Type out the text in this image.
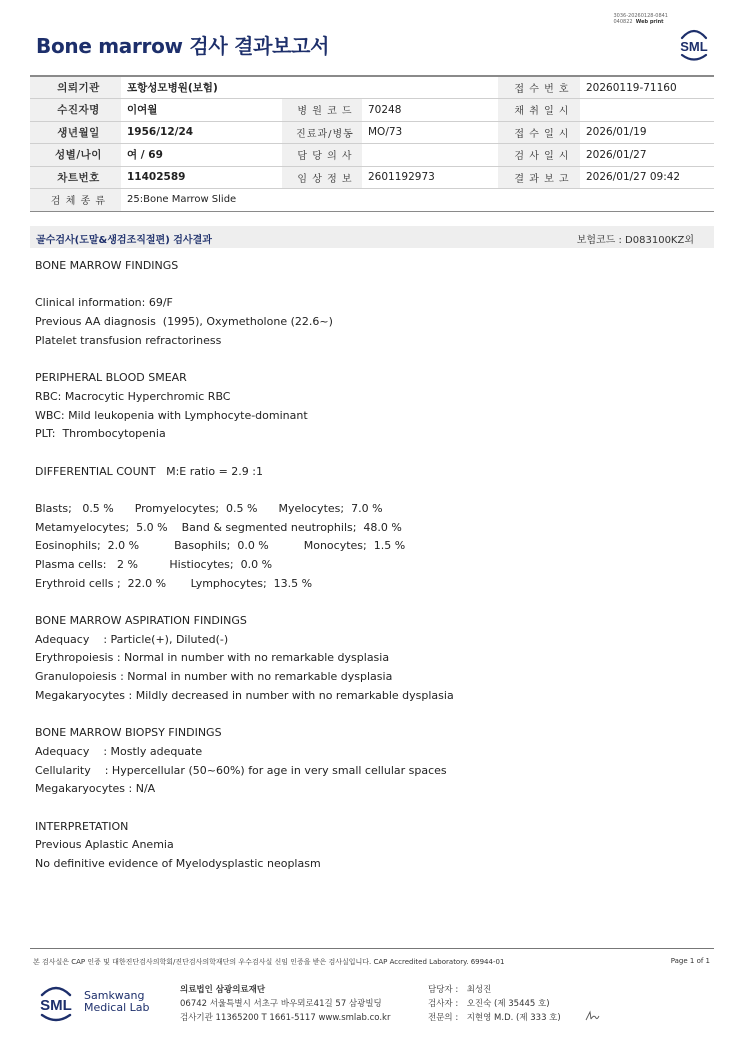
3036-20260128-0841
040822 Web print
Bone marrow 검사 결과보고서	SML
의뢰기관	포항성모병원(보험)			접 수 번 호	20260119-71160
수진자명	이여월	병 원 코 드	70248	채 취 일 시	
생년월일	1956/12/24	진료과/병동	MO/73	접 수 일 시	2026/01/19
성별/나이	여 / 69	담 당 의 사		검 사 일 시	2026/01/27
차트번호	11402589	임 상 정 보	2601192973	결 과 보 고	2026/01/27 09:42
검 체 종 류	25:Bone Marrow Slide				
골수검사(도말&생검조직절편) 검사결과	보험코드 : D083100KZ외
BONE MARROW FINDINGS
Clinical information: 69/F
Previous AA diagnosis  (1995), Oxymetholone (22.6~)
Platelet transfusion refractoriness
PERIPHERAL BLOOD SMEAR
RBC: Macrocytic Hyperchromic RBC
WBC: Mild leukopenia with Lymphocyte-dominant
PLT:  Thrombocytopenia
DIFFERENTIAL COUNT   M:E ratio = 2.9 :1
Blasts;   0.5 %      Promyelocytes;  0.5 %      Myelocytes;  7.0 %
Metamyelocytes;  5.0 %    Band & segmented neutrophils;  48.0 %
Eosinophils;  2.0 %          Basophils;  0.0 %          Monocytes;  1.5 %
Plasma cells:   2 %         Histiocytes;  0.0 %
Erythroid cells ;  22.0 %       Lymphocytes;  13.5 %
BONE MARROW ASPIRATION FINDINGS
Adequacy    : Particle(+), Diluted(-)
Erythropoiesis : Normal in number with no remarkable dysplasia
Granulopoiesis : Normal in number with no remarkable dysplasia
Megakaryocytes : Mildly decreased in number with no remarkable dysplasia
BONE MARROW BIOPSY FINDINGS
Adequacy    : Mostly adequate
Cellularity    : Hypercellular (50~60%) for age in very small cellular spaces
Megakaryocytes : N/A
INTERPRETATION
Previous Aplastic Anemia
No definitive evidence of Myelodysplastic neoplasm
본 검사실은 CAP 인증 및 대한진단검사의학회/진단검사의학재단의 우수검사실 신임 인증을 받은 검사실입니다. CAP Accredited Laboratory. 69944-01	Page 1 of 1
SML
Samkwang
Medical Lab
의료법인 삼광의료재단
06742 서울특별시 서초구 바우뫼로41길 57 삼광빌딩
검사기관 11365200 T 1661-5117 www.smlab.co.kr
담당자 : 최성진
검사자 : 오진숙 (제 35445 호)
전문의 : 지현영 M.D. (제 333 호)
